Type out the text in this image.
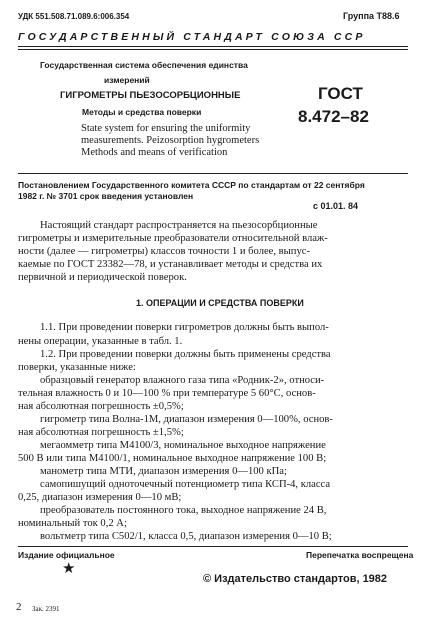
УДК 551.508.71.089.6:006.354	Группа Т88.6
ГОСУДАРСТВЕННЫЙ СТАНДАРТ СОЮЗА ССР
Государственная система обеспечения единства
измерений
ГИГРОМЕТРЫ ПЬЕЗОСОРБЦИОННЫЕ
Методы и средства поверки
State system for ensuring the uniformity
measurements. Peizosorption hygrometers
Methods and means of verification
ГОСТ
8.472–82
Постановлением Государственного комитета СССР по стандартам от 22 сентября
1982 г. № 3701 срок введения установлен
с 01.01. 84
Настоящий стандарт распространяется на пьезосорбционные
гигрометры и измерительные преобразователи относительной влаж-
ности (далее — гигрометры) классов точности 1 и более, выпус-
каемые по ГОСТ 23382—78, и устанавливает методы и средства их
первичной и периодической поверок.
1. ОПЕРАЦИИ И СРЕДСТВА ПОВЕРКИ
1.1. При проведении поверки гигрометров должны быть выпол-
нены операции, указанные в табл. 1.
1.2. При проведении поверки должны быть применены средства
поверки, указанные ниже:
образцовый генератор влажного газа типа «Родник-2», относи-
тельная влажность 0 и 10—100 % при температуре 5 60°С, основ-
ная абсолютная погрешность ±0,5%;
гигрометр типа Волна-1М, диапазон измерения 0—100%, основ-
ная абсолютная погрешность ±1,5%;
мегаомметр типа М4100/3, номинальное выходное напряжение
500 В или типа М4100/1, номинальное выходное напряжение 100 В;
манометр типа МТИ, диапазон измерения 0—100 кПа;
самопишущий одноточечный потенциометр типа КСП-4, класса
0,25, диапазон измерения 0—10 мВ;
преобразователь постоянного тока, выходное напряжение 24 В,
номинальный ток 0,2 А;
вольтметр типа С502/1, класса 0,5, диапазон измерения 0—10 В;
Издание официальное	Перепечатка воспрещена
★
© Издательство стандартов, 1982
2 Зак. 2391
